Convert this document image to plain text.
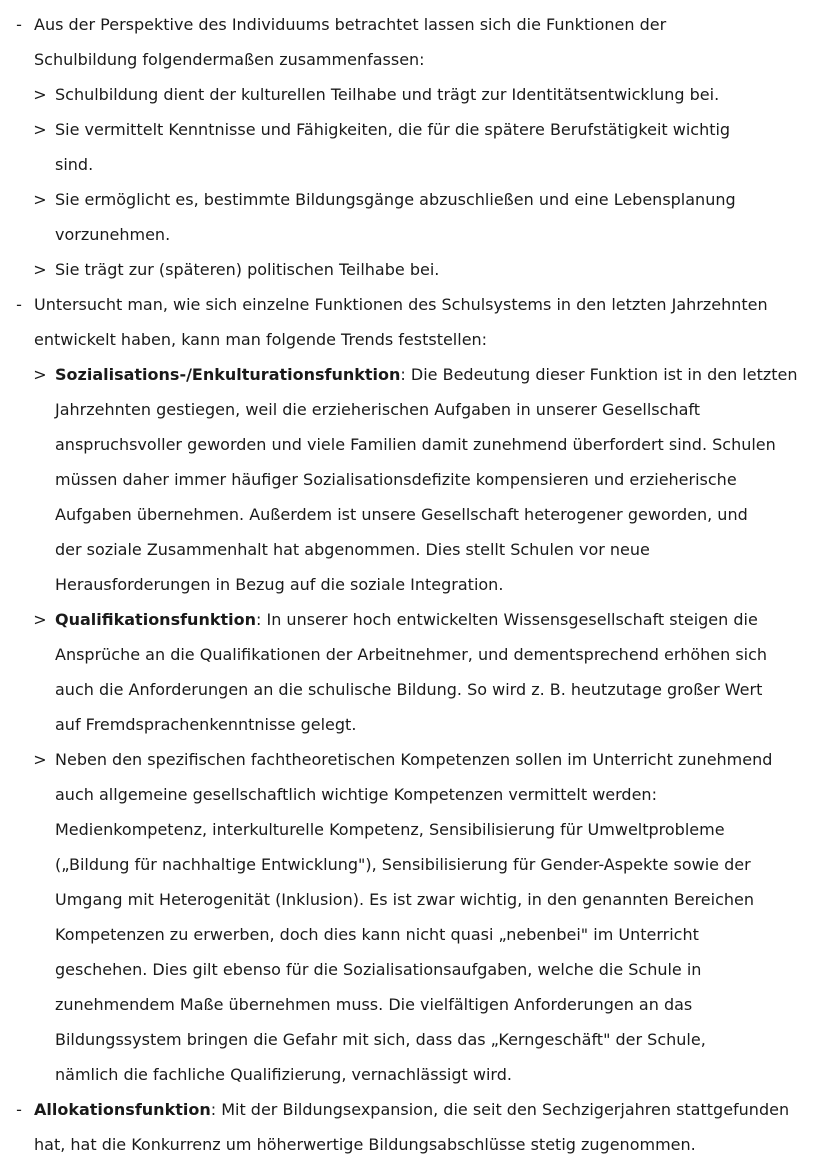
- Aus der Perspektive des Individuums betrachtet lassen sich die Funktionen der
Schulbildung folgendermaßen zusammenfassen:
> Schulbildung dient der kulturellen Teilhabe und trägt zur Identitätsentwicklung bei.
> Sie vermittelt Kenntnisse und Fähigkeiten, die für die spätere Berufstätigkeit wichtig
sind.
> Sie ermöglicht es, bestimmte Bildungsgänge abzuschließen und eine Lebensplanung
vorzunehmen.
> Sie trägt zur (späteren) politischen Teilhabe bei.
- Untersucht man, wie sich einzelne Funktionen des Schulsystems in den letzten Jahrzehnten
entwickelt haben, kann man folgende Trends feststellen:
> Sozialisations-/Enkulturationsfunktion: Die Bedeutung dieser Funktion ist in den letzten
Jahrzehnten gestiegen, weil die erzieherischen Aufgaben in unserer Gesellschaft
anspruchsvoller geworden und viele Familien damit zunehmend überfordert sind. Schulen
müssen daher immer häufiger Sozialisationsdefizite kompensieren und erzieherische
Aufgaben übernehmen. Außerdem ist unsere Gesellschaft heterogener geworden, und
der soziale Zusammenhalt hat abgenommen. Dies stellt Schulen vor neue
Herausforderungen in Bezug auf die soziale Integration.
> Qualifikationsfunktion: In unserer hoch entwickelten Wissensgesellschaft steigen die
Ansprüche an die Qualifikationen der Arbeitnehmer, und dementsprechend erhöhen sich
auch die Anforderungen an die schulische Bildung. So wird z. B. heutzutage großer Wert
auf Fremdsprachenkenntnisse gelegt.
> Neben den spezifischen fachtheoretischen Kompetenzen sollen im Unterricht zunehmend
auch allgemeine gesellschaftlich wichtige Kompetenzen vermittelt werden:
Medienkompetenz, interkulturelle Kompetenz, Sensibilisierung für Umweltprobleme
(„Bildung für nachhaltige Entwicklung"), Sensibilisierung für Gender-Aspekte sowie der
Umgang mit Heterogenität (Inklusion). Es ist zwar wichtig, in den genannten Bereichen
Kompetenzen zu erwerben, doch dies kann nicht quasi „nebenbei" im Unterricht
geschehen. Dies gilt ebenso für die Sozialisationsaufgaben, welche die Schule in
zunehmendem Maße übernehmen muss. Die vielfältigen Anforderungen an das
Bildungssystem bringen die Gefahr mit sich, dass das „Kerngeschäft" der Schule,
nämlich die fachliche Qualifizierung, vernachlässigt wird.
- Allokationsfunktion: Mit der Bildungsexpansion, die seit den Sechzigerjahren stattgefunden
hat, hat die Konkurrenz um höherwertige Bildungsabschlüsse stetig zugenommen.
